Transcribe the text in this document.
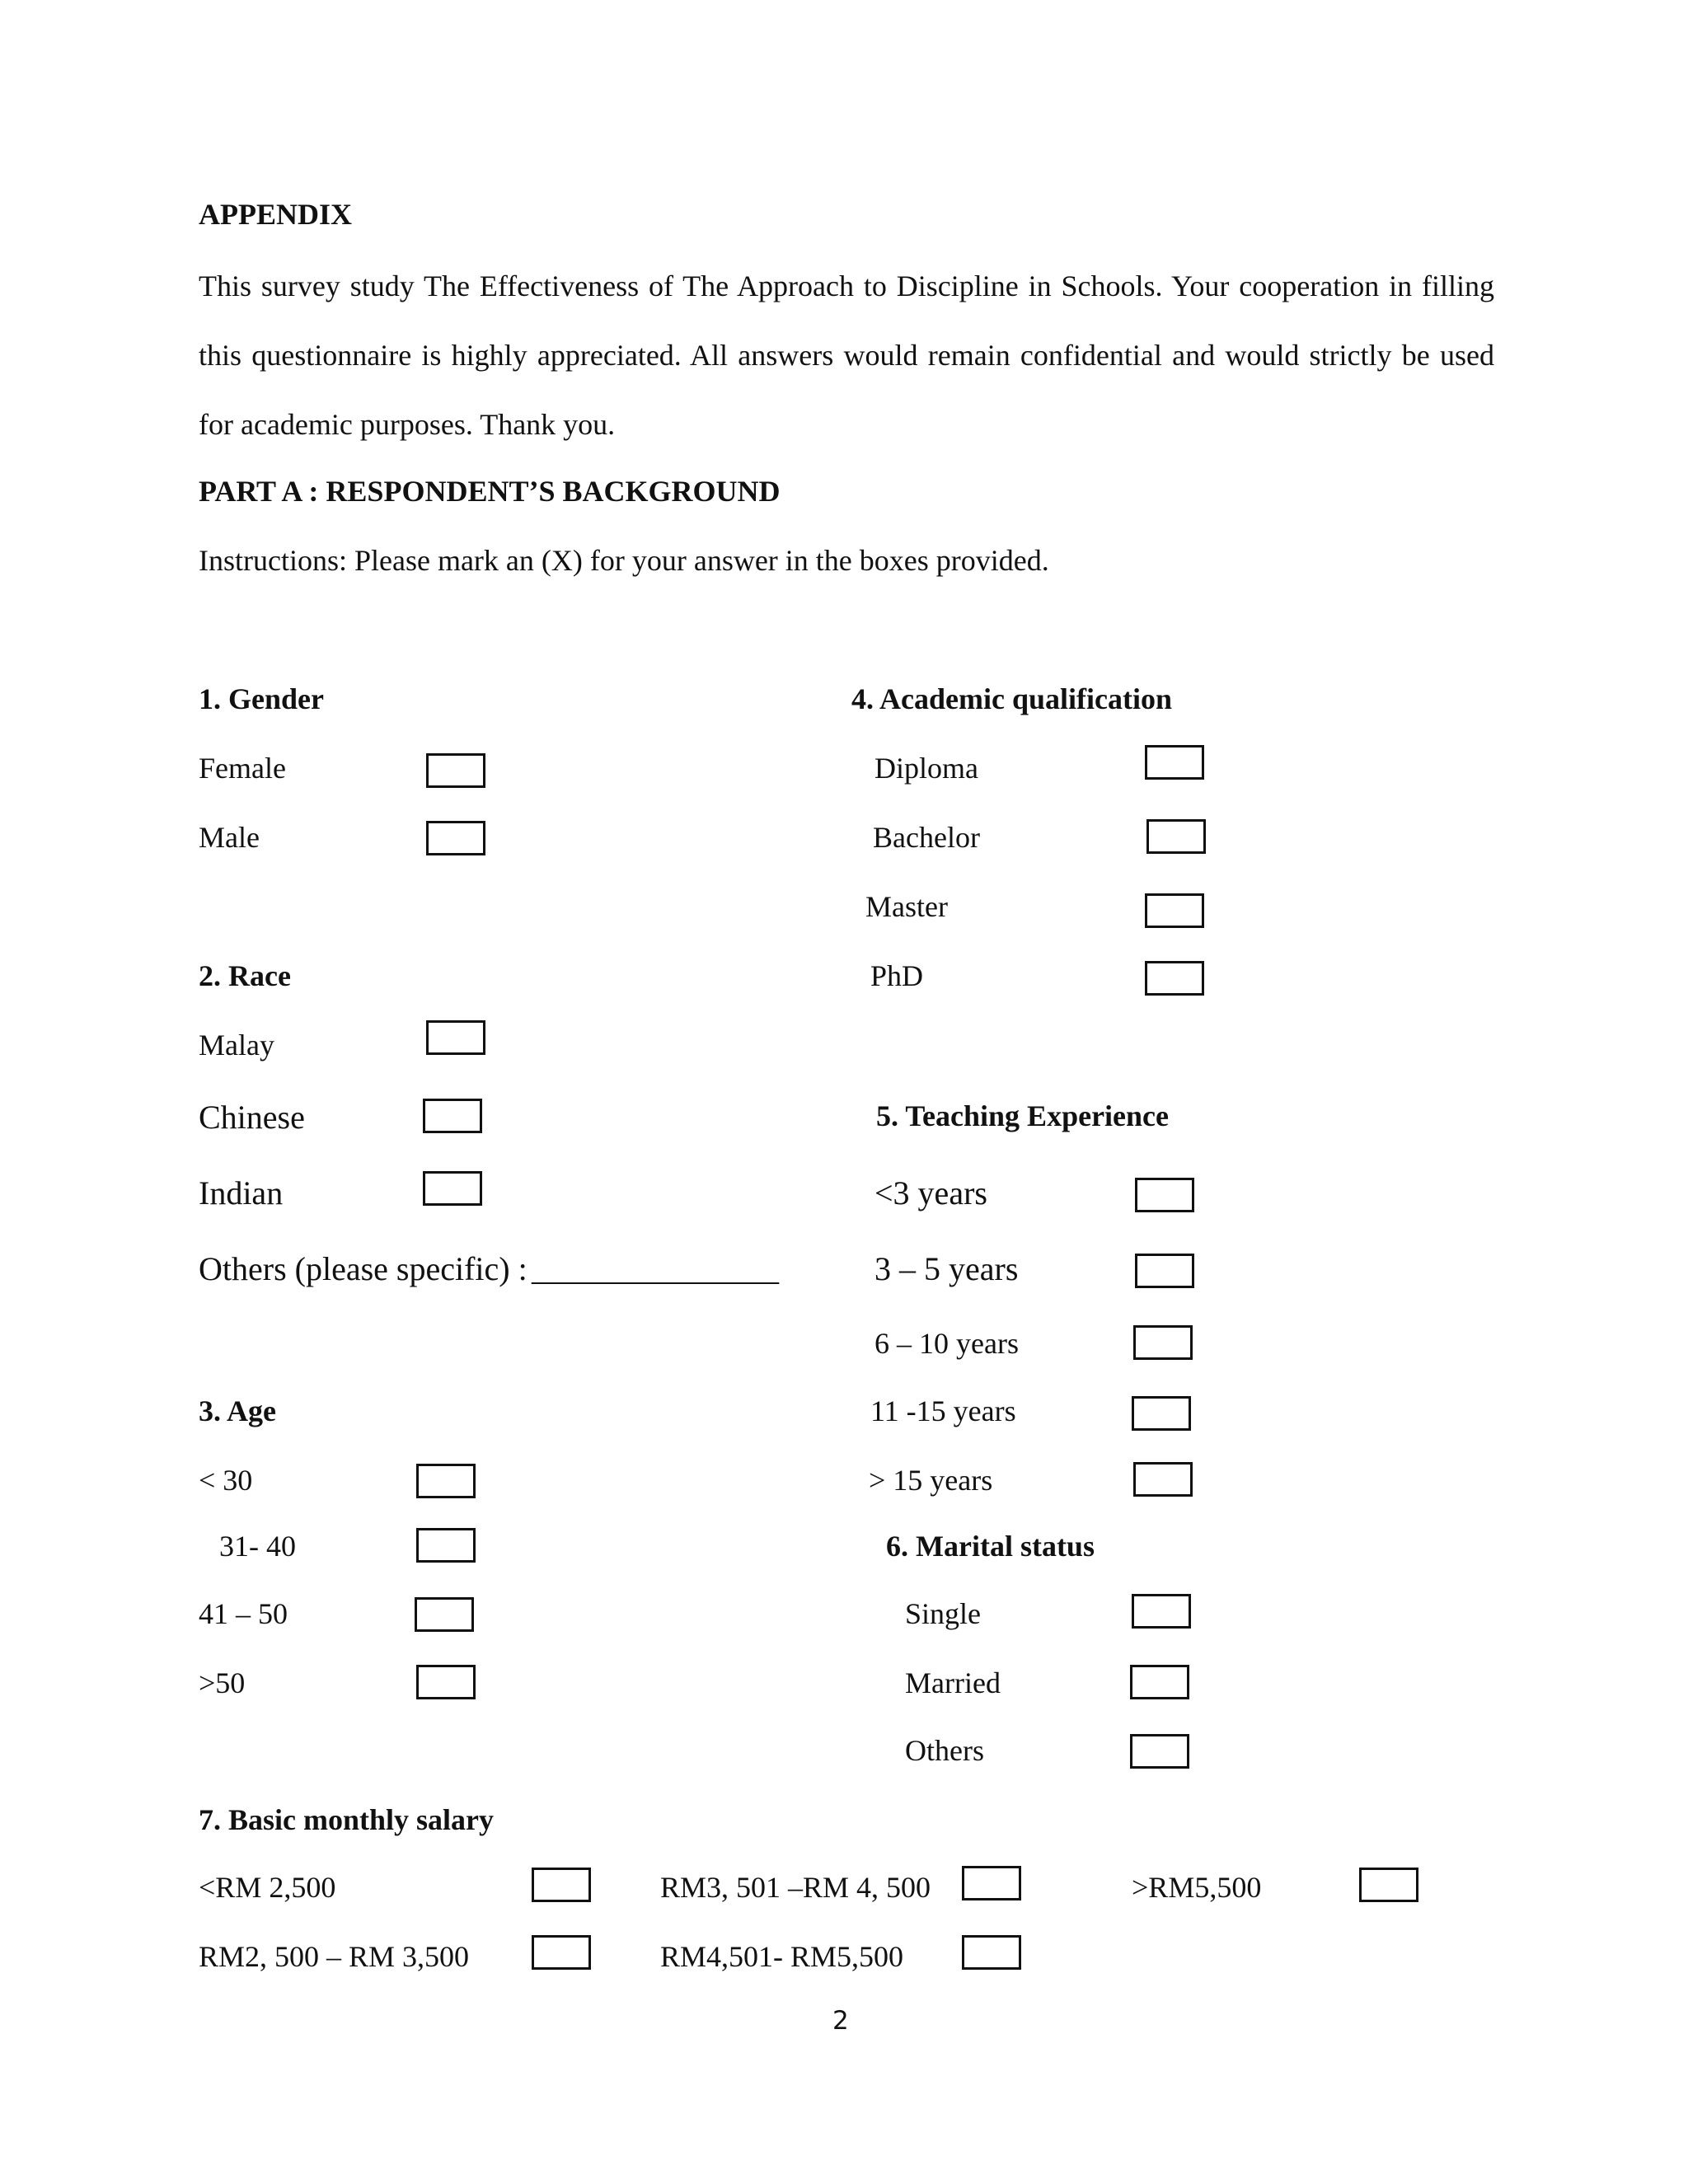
APPENDIX
This survey study The Effectiveness of The Approach to Discipline in Schools. Your cooperation in filling this questionnaire is highly appreciated. All answers would remain confidential and would strictly be used for academic purposes. Thank you.
PART A : RESPONDENT’S BACKGROUND
Instructions: Please mark an (X) for your answer in the boxes provided.
1. Gender
Female
Male
2. Race
Malay
Chinese
Indian
Others (please specific) : _______________
3. Age
< 30
31- 40
41 – 50
>50
4. Academic qualification
Diploma
Bachelor
Master
PhD
5. Teaching Experience
<3 years
3 – 5 years
6 – 10 years
11 -15 years
> 15 years
6. Marital status
Single
Married
Others
7. Basic monthly salary
<RM 2,500
RM2, 500 – RM 3,500
RM3, 501 –RM 4, 500
RM4,501- RM5,500
>RM5,500
2
